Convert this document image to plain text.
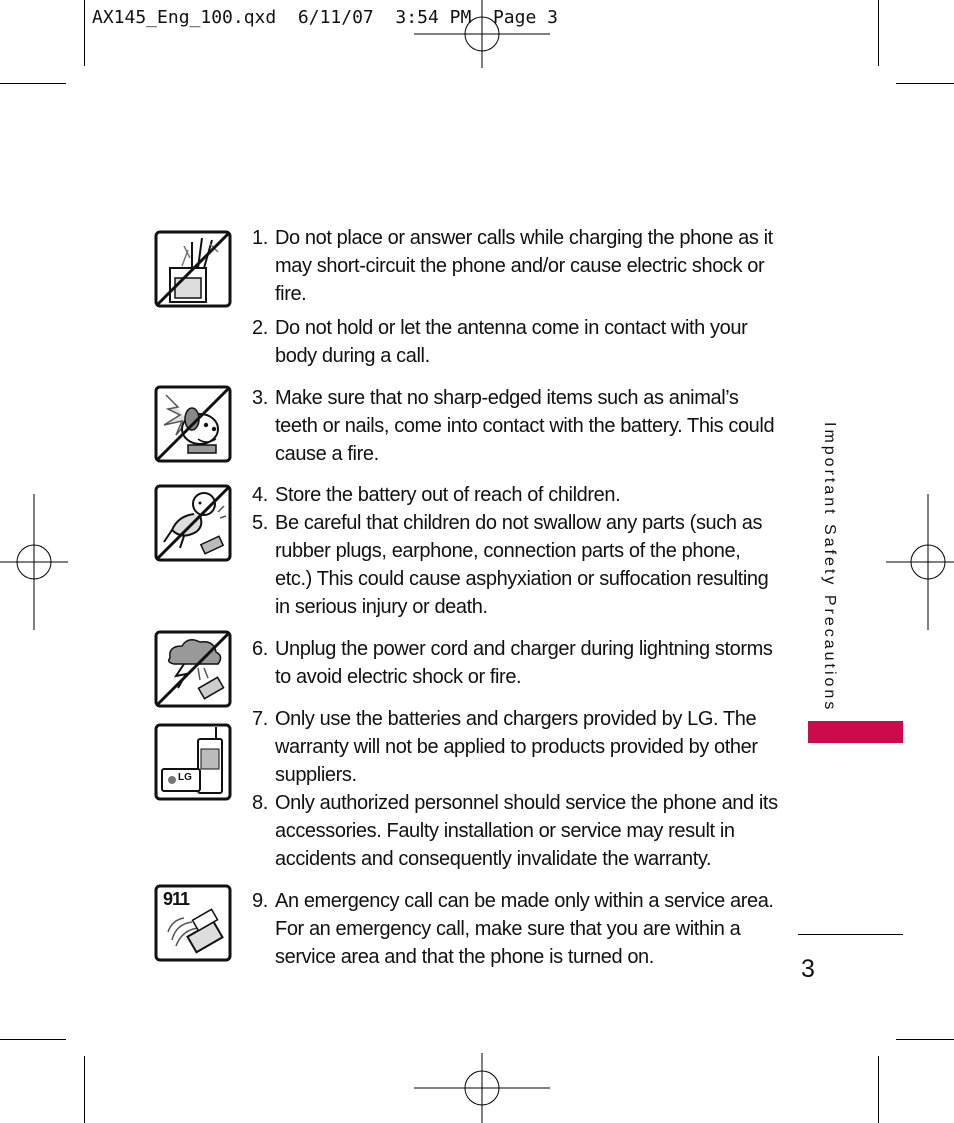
AX145_Eng_100.qxd  6/11/07  3:54 PM  Page 3
LG
911
1. Do not place or answer calls while charging the phone as it may short-circuit the phone and/or cause electric shock or fire.
2. Do not hold or let the antenna come in contact with your body during a call.
3. Make sure that no sharp-edged items such as animal’s teeth or nails, come into contact with the battery. This could cause a fire.
4. Store the battery out of reach of children.
5. Be careful that children do not swallow any parts (such as rubber plugs, earphone, connection parts of the phone, etc.) This could cause asphyxiation or suffocation resulting in serious injury or death.
6. Unplug the power cord and charger during lightning storms to avoid electric shock or fire.
7. Only use the batteries and chargers provided by LG. The warranty will not be applied to products provided by other suppliers.
8. Only authorized personnel should service the phone and its accessories. Faulty installation or service may result in accidents and consequently invalidate the warranty.
9. An emergency call can be made only within a service area. For an emergency call, make sure that you are within a service area and that the phone is turned on.
Important Safety Precautions
3
